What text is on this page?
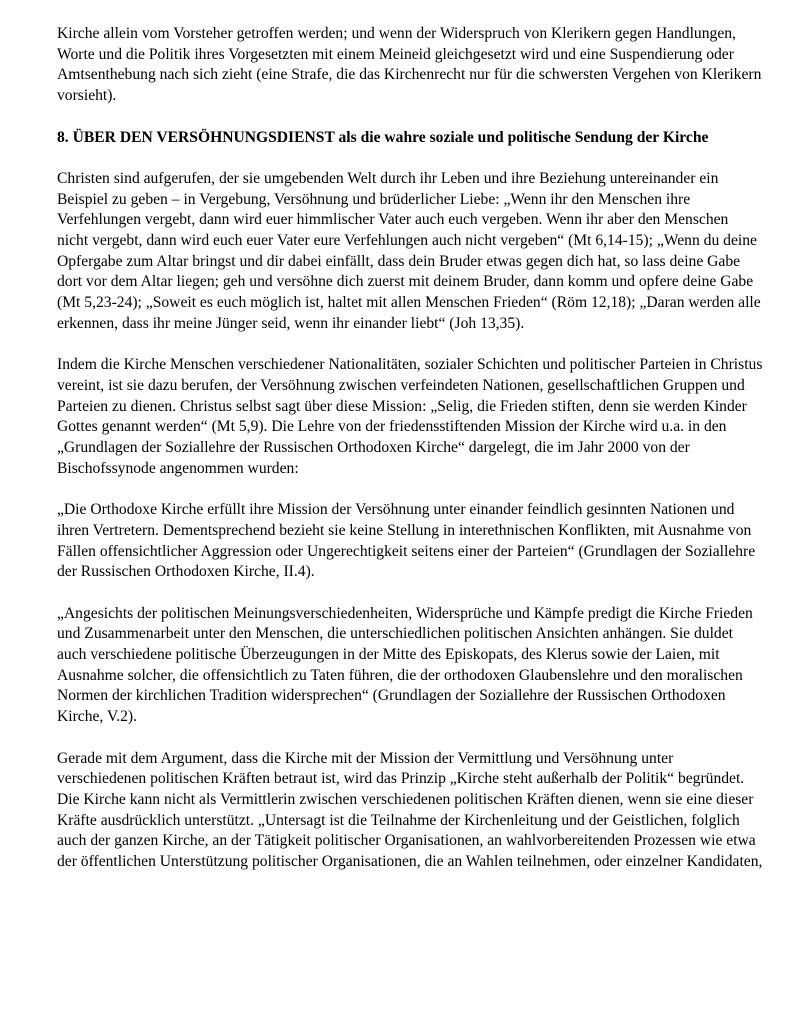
Kirche allein vom Vorsteher getroffen werden; und wenn der Widerspruch von Klerikern gegen Handlungen, Worte und die Politik ihres Vorgesetzten mit einem Meineid gleichgesetzt wird und eine Suspendierung oder Amtsenthebung nach sich zieht (eine Strafe, die das Kirchenrecht nur für die schwersten Vergehen von Klerikern vorsieht).

8. ÜBER DEN VERSÖHNUNGSDIENST als die wahre soziale und politische Sendung der Kirche

Christen sind aufgerufen, der sie umgebenden Welt durch ihr Leben und ihre Beziehung untereinander ein Beispiel zu geben – in Vergebung, Versöhnung und brüderlicher Liebe: „Wenn ihr den Menschen ihre Verfehlungen vergebt, dann wird euer himmlischer Vater auch euch vergeben. Wenn ihr aber den Menschen nicht vergebt, dann wird euch euer Vater eure Verfehlungen auch nicht vergeben“ (Mt 6,14-15); „Wenn du deine Opfergabe zum Altar bringst und dir dabei einfällt, dass dein Bruder etwas gegen dich hat, so lass deine Gabe dort vor dem Altar liegen; geh und versöhne dich zuerst mit deinem Bruder, dann komm und opfere deine Gabe (Mt 5,23-24); „Soweit es euch möglich ist, haltet mit allen Menschen Frieden“ (Röm 12,18); „Daran werden alle erkennen, dass ihr meine Jünger seid, wenn ihr einander liebt“ (Joh 13,35).

Indem die Kirche Menschen verschiedener Nationalitäten, sozialer Schichten und politischer Parteien in Christus vereint, ist sie dazu berufen, der Versöhnung zwischen verfeindeten Nationen, gesellschaftlichen Gruppen und Parteien zu dienen. Christus selbst sagt über diese Mission: „Selig, die Frieden stiften, denn sie werden Kinder Gottes genannt werden“ (Mt 5,9). Die Lehre von der friedensstiftenden Mission der Kirche wird u.a. in den „Grundlagen der Soziallehre der Russischen Orthodoxen Kirche“ dargelegt, die im Jahr 2000 von der Bischofssynode angenommen wurden:

„Die Orthodoxe Kirche erfüllt ihre Mission der Versöhnung unter einander feindlich gesinnten Nationen und ihren Vertretern. Dementsprechend bezieht sie keine Stellung in interethnischen Konflikten, mit Ausnahme von Fällen offensichtlicher Aggression oder Ungerechtigkeit seitens einer der Parteien“ (Grundlagen der Soziallehre der Russischen Orthodoxen Kirche, II.4).

„Angesichts der politischen Meinungsverschiedenheiten, Widersprüche und Kämpfe predigt die Kirche Frieden und Zusammenarbeit unter den Menschen, die unterschiedlichen politischen Ansichten anhängen. Sie duldet auch verschiedene politische Überzeugungen in der Mitte des Episkopats, des Klerus sowie der Laien, mit Ausnahme solcher, die offensichtlich zu Taten führen, die der orthodoxen Glaubenslehre und den moralischen Normen der kirchlichen Tradition widersprechen“ (Grundlagen der Soziallehre der Russischen Orthodoxen Kirche, V.2).

Gerade mit dem Argument, dass die Kirche mit der Mission der Vermittlung und Versöhnung unter verschiedenen politischen Kräften betraut ist, wird das Prinzip „Kirche steht außerhalb der Politik“ begründet. Die Kirche kann nicht als Vermittlerin zwischen verschiedenen politischen Kräften dienen, wenn sie eine dieser Kräfte ausdrücklich unterstützt. „Untersagt ist die Teilnahme der Kirchenleitung und der Geistlichen, folglich auch der ganzen Kirche, an der Tätigkeit politischer Organisationen, an wahlvorbereitenden Prozessen wie etwa der öffentlichen Unterstützung politischer Organisationen, die an Wahlen teilnehmen, oder einzelner Kandidaten,
